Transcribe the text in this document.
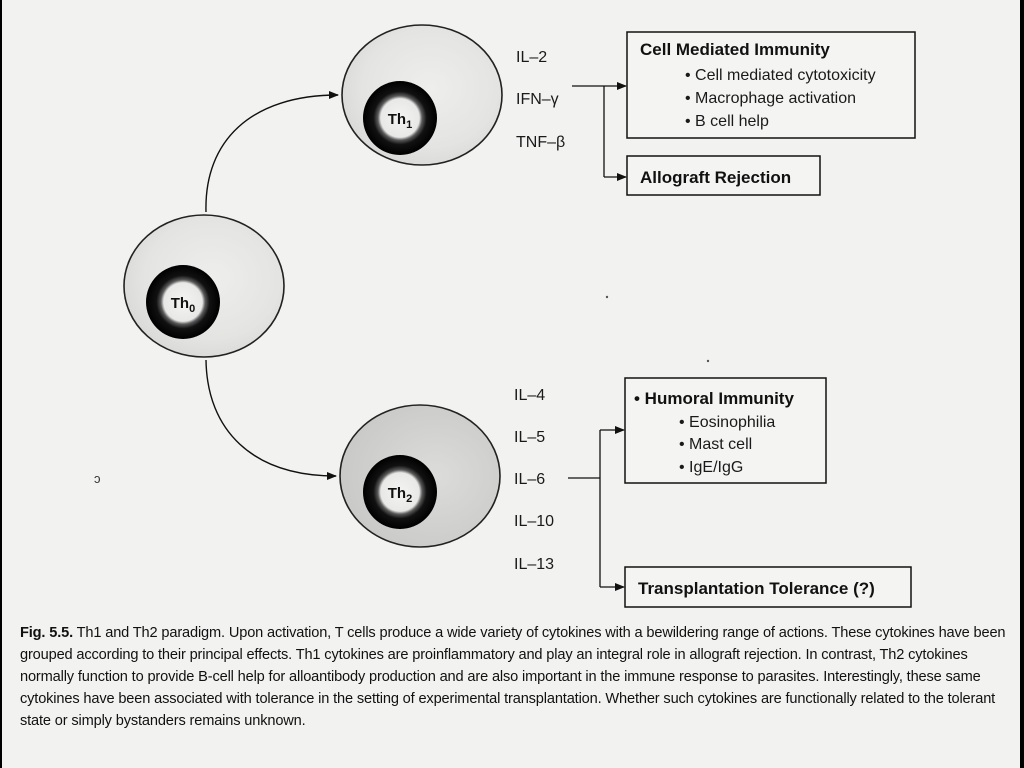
$Th_0$
$Th_1$
$Th_2$
IL–2
IFN–γ
TNF–β
Cell Mediated Immunity
• Cell mediated cytotoxicity
• Macrophage activation
• B cell help
Allograft Rejection
IL–4
IL–5
IL–6
IL–10
IL–13
• Humoral Immunity
• Eosinophilia
• Mast cell
• IgE/IgG
Transplantation Tolerance (?)
ɔ
Fig. 5.5. Th1 and Th2 paradigm. Upon activation, T cells produce a wide variety of cytokines with a bewildering range of actions. These cytokines have been grouped according to their principal effects. Th1 cytokines are proinflammatory and play an integral role in allograft rejection. In contrast, Th2 cytokines normally function to provide B-cell help for alloantibody production and are also important in the immune response to parasites. Interestingly, these same cytokines have been associated with tolerance in the setting of experimental transplantation. Whether such cytokines are functionally related to the tolerant state or simply bystanders remains unknown.
